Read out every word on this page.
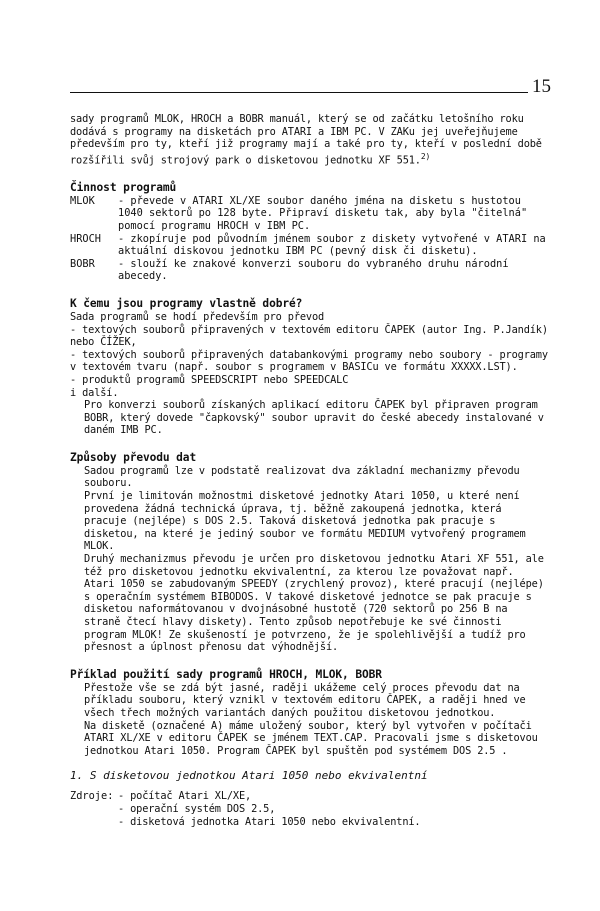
15

sady programů MLOK, HROCH a BOBR manuál, který se od začátku letošního roku dodává s programy na disketách pro ATARI a IBM PC. V ZAKu jej uveřejňujeme především pro ty, kteří již programy mají a také pro ty, kteří v poslední době rozšířili svůj strojový park o disketovou jednotku XF 551.$^{2)}$

Činnost programů
MLOK	- převede v ATARI XL/XE soubor daného jména na disketu s hustotou 1040 sektorů po 128 byte. Připraví disketu tak, aby byla "čitelná" pomocí programu HROCH v IBM PC.
HROCH	- zkopíruje pod původním jménem soubor z diskety vytvořené v ATARI na aktuální diskovou jednotku IBM PC (pevný disk či disketu).
BOBR	- slouží ke znakové konverzi souboru do vybraného druhu národní abecedy.
K čemu jsou programy vlastně dobré?

Sada programů se hodí především pro převod

- textových souborů připravených v textovém editoru ČAPEK (autor Ing. P.Jandík) nebo ČÍŽEK,

- textových souborů připravených databankovými programy nebo soubory - programy v textovém tvaru (např. soubor s programem v BASICu ve formátu XXXXX.LST).

- produktů programů SPEEDSCRIPT nebo SPEEDCALC

i další.

Pro konverzi souborů získaných aplikací editoru ČAPEK byl připraven program BOBR, který dovede "čapkovský" soubor upravit do české abecedy instalované v daném IMB PC.

Způsoby převodu dat

Sadou programů lze v podstatě realizovat dva základní mechanizmy převodu souboru.

První je limitován možnostmi disketové jednotky Atari 1050, u které není provedena žádná technická úprava, tj. běžně zakoupená jednotka, která pracuje (nejlépe) s DOS 2.5. Taková disketová jednotka pak pracuje s disketou, na které je jediný soubor ve formátu MEDIUM vytvořený programem MLOK.

Druhý mechanizmus převodu je určen pro disketovou jednotku Atari XF 551, ale též pro disketovou jednotku ekvivalentní, za kterou lze považovat např. Atari 1050 se zabudovaným SPEEDY (zrychlený provoz), které pracují (nejlépe) s operačním systémem BIBODOS. V takové disketové jednotce se pak pracuje s disketou naformátovanou v dvojnásobné hustotě (720 sektorů po 256 B na straně čtecí hlavy diskety). Tento způsob nepotřebuje ke své činnosti program MLOK! Ze skušeností je potvrzeno, že je spolehlivější a tudíž pro přesnost a úplnost přenosu dat výhodnější.

Příklad použití sady programů HROCH, MLOK, BOBR

Přestože vše se zdá být jasné, raději ukážeme celý proces převodu dat na příkladu souboru, který vznikl v textovém editoru ČAPEK, a raději hned ve všech třech možných variantách daných použitou disketovou jednotkou.

Na disketě (označené A) máme uložený soubor, který byl vytvořen v počítači ATARI XL/XE v editoru ČAPEK se jménem TEXT.CAP. Pracovali jsme s disketovou jednotkou Atari 1050. Program ČAPEK byl spuštěn pod systémem DOS 2.5 .

1. S disketovou jednotkou Atari 1050 nebo ekvivalentní
Zdroje: - počítač Atari XL/XE,

- operační systém DOS 2.5,

- disketová jednotka Atari 1050 nebo ekvivalentní.
